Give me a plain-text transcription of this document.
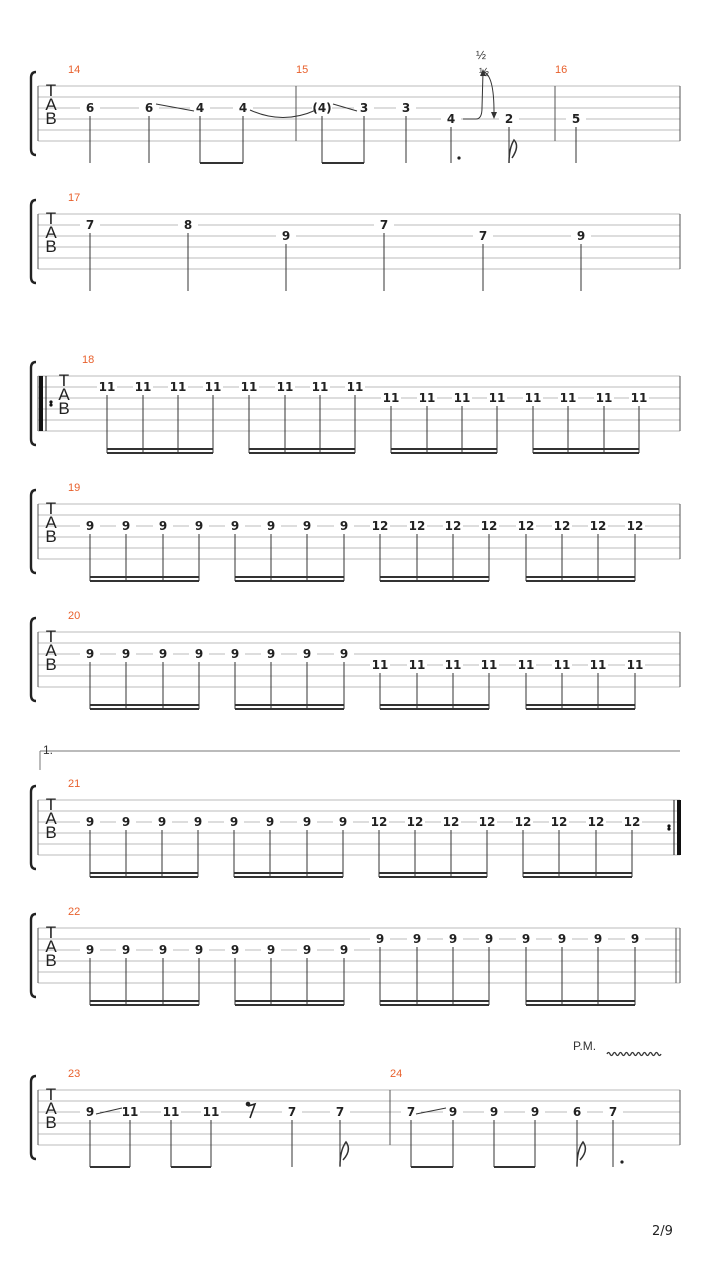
T
A
B
14	15	16
6	6	4	4	(4) 3	3
4	2	5
T
A
B
17
7	8
9
7
7	9
T
A
B
18
11 11 11 11 11 11 11 11
11 11 11 11 11 11 11 11
T
A
B
19
9 9 9 9 9 9 9 9 12 12 12 12 12 12 12 12
T
A
B
20
9 9 9 9 9 9 9 9
11 11 11 11 11 11 11 11
T
A
B
21
9 9 9 9 9 9 9 9 12 12 12 12 12 12 12 12
T
A
B
22
9 9 9 9 9 9 9 9
9 9 9 9 9 9 9 9
T
A
B
23	24
9 11 11 11	7	7	7	9	9	9	6 7
½
½
P.M.
1.
2/9
